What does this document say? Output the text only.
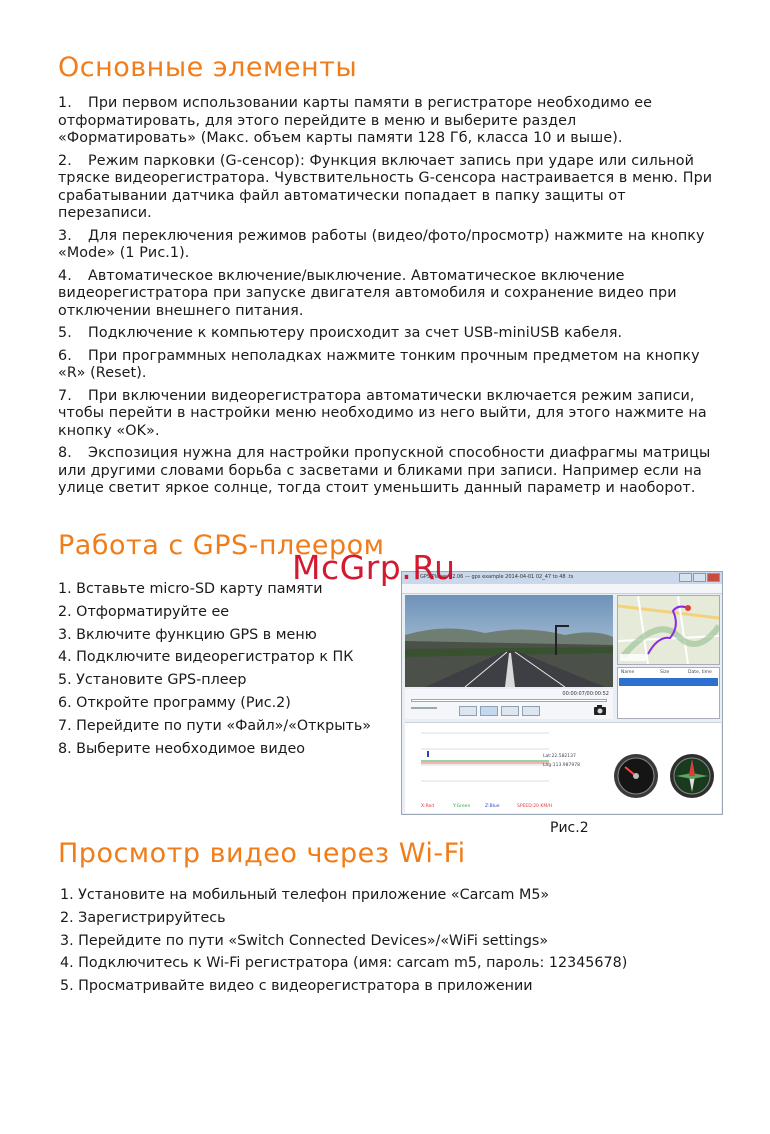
Основные элементы

1. При первом использовании карты памяти в регистраторе необходимо ее отформатировать, для этого перейдите в меню и выберите раздел «Форматировать» (Макс. объем карты памяти 128 Гб, класса 10 и выше).

2. Режим парковки (G-сенсор): Функция включает запись при ударе или сильной тряске видеорегистратора. Чувствительность G-сенсора настраивается в меню. При срабатывании датчика файл автоматически попадает в папку защиты от перезаписи.

3. Для переключения режимов работы (видео/фото/просмотр) нажмите на кнопку «Mode» (1 Рис.1).

4. Автоматическое включение/выключение. Автоматическое включение видеорегистратора при запуске двигателя автомобиля и сохранение видео при отключении внешнего питания.

5. Подключение к компьютеру происходит за счет USB-miniUSB кабеля.

6. При программных неполадках нажмите тонким прочным предметом на кнопку «R» (Reset).

7. При включении видеорегистратора автоматически включается режим записи, чтобы перейти в настройки меню необходимо из него выйти, для этого нажмите на кнопку «OK».

8. Экспозиция нужна для настройки пропускной способности диафрагмы матрицы или другими словами борьба с засветами и бликами при записи. Например если на улице светит яркое солнце, тогда стоит уменьшить данный параметр и наоборот.

Работа с GPS-плеером
1. Вставьте micro-SD карту памяти
2. Отформатируйте ее
3. Включите функцию GPS в меню
4. Подключите видеорегистратор к ПК
5. Установите GPS-плеер
6. Откройте программу (Рис.2)
7. Перейдите по пути «Файл»/«Открыть»
8. Выберите необходимое видео
GPS Player V2.06 — gps example 2014-04-01 02_47 to 48 .ts
Name	Size	Date, time
00:00:07/00:00:52
Lat:22.582137
Lng:113.987978
X:Red	Y:Green	Z:Blue	SPEED:20 KM/H
Рис.2
McGrp.Ru
Просмотр видео через Wi-Fi
1. Установите на мобильный телефон приложение «Carcam M5»
2. Зарегистрируйтесь
3. Перейдите по пути «Switch Connected Devices»/«WiFi settings»
4. Подключитесь к Wi-Fi регистратора (имя: carcam m5, пароль: 12345678)
5. Просматривайте видео с видеорегистратора в приложении
